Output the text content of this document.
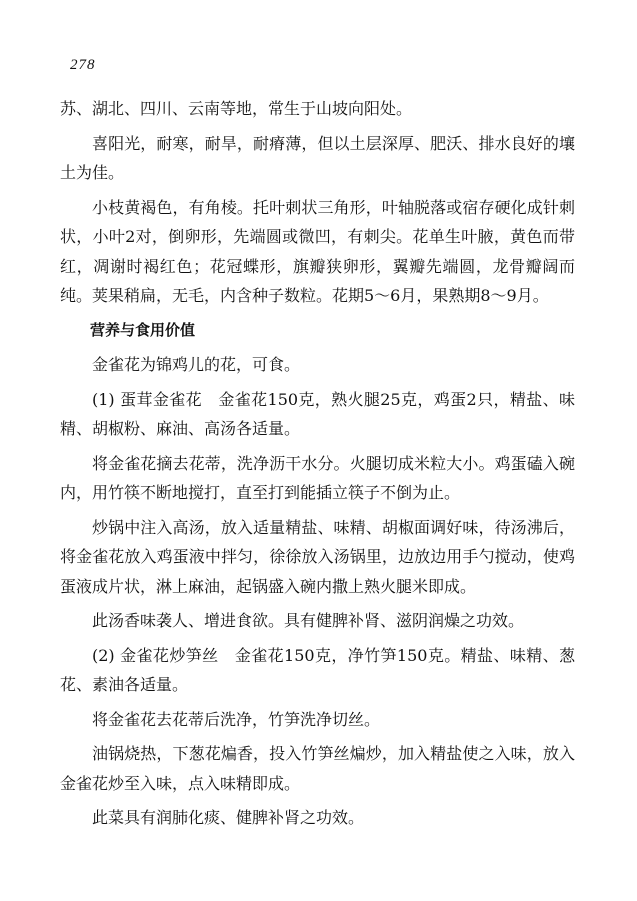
278

苏、湖北、四川、云南等地，常生于山坡向阳处。

喜阳光，耐寒，耐旱，耐瘠薄，但以土层深厚、肥沃、排水良好的壤土为佳。

小枝黄褐色，有角棱。托叶刺状三角形，叶轴脱落或宿存硬化成针刺状，小叶2对，倒卵形，先端圆或微凹，有刺尖。花单生叶腋，黄色而带红，凋谢时褐红色；花冠蝶形，旗瓣狭卵形，翼瓣先端圆，龙骨瓣阔而纯。荚果稍扁，无毛，内含种子数粒。花期5～6月，果熟期8～9月。

营养与食用价值

金雀花为锦鸡儿的花，可食。

(1) 蛋茸金雀花　金雀花150克，熟火腿25克，鸡蛋2只，精盐、味精、胡椒粉、麻油、高汤各适量。

将金雀花摘去花蒂，洗净沥干水分。火腿切成米粒大小。鸡蛋磕入碗内，用竹筷不断地搅打，直至打到能插立筷子不倒为止。

炒锅中注入高汤，放入适量精盐、味精、胡椒面调好味，待汤沸后，将金雀花放入鸡蛋液中拌匀，徐徐放入汤锅里，边放边用手勺搅动，使鸡蛋液成片状，淋上麻油，起锅盛入碗内撒上熟火腿米即成。

此汤香味袭人、增进食欲。具有健脾补肾、滋阴润燥之功效。

(2) 金雀花炒笋丝　金雀花150克，净竹笋150克。精盐、味精、葱花、素油各适量。

将金雀花去花蒂后洗净，竹笋洗净切丝。

油锅烧热，下葱花煸香，投入竹笋丝煸炒，加入精盐使之入味，放入金雀花炒至入味，点入味精即成。

此菜具有润肺化痰、健脾补肾之功效。
